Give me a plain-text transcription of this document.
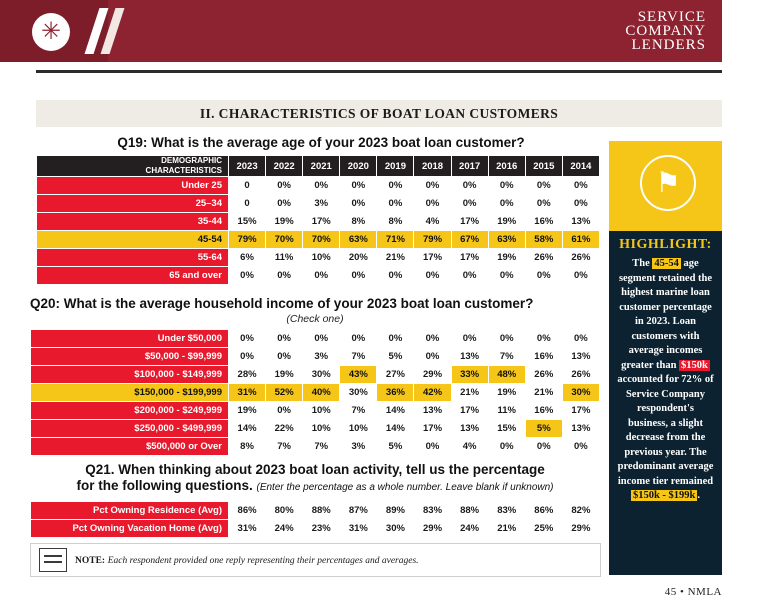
✳
SERVICE
COMPANY
LENDERS
II. CHARACTERISTICS OF BOAT LOAN CUSTOMERS
Q19: What is the average age of your 2023 boat loan customer?
DEMOGRAPHIC
CHARACTERISTICS	2023	2022	2021	2020	2019	2018	2017	2016	2015	2014
Under 25	0	0%	0%	0%	0%	0%	0%	0%	0%	0%
25–34	0	0%	3%	0%	0%	0%	0%	0%	0%	0%
35-44	15%	19%	17%	8%	8%	4%	17%	19%	16%	13%
45-54	79%	70%	70%	63%	71%	79%	67%	63%	58%	61%
55-64	6%	11%	10%	20%	21%	17%	17%	19%	26%	26%
65 and over	0%	0%	0%	0%	0%	0%	0%	0%	0%	0%
Q20: What is the average household income of your 2023 boat loan customer?
(Check one)
Under $50,000	0%	0%	0%	0%	0%	0%	0%	0%	0%	0%
$50,000 - $99,999	0%	0%	3%	7%	5%	0%	13%	7%	16%	13%
$100,000 - $149,999	28%	19%	30%	43%	27%	29%	33%	48%	26%	26%
$150,000 - $199,999	31%	52%	40%	30%	36%	42%	21%	19%	21%	30%
$200,000 - $249,999	19%	0%	10%	7%	14%	13%	17%	11%	16%	17%
$250,000 - $499,999	14%	22%	10%	10%	14%	17%	13%	15%	5%	13%
$500,000 or Over	8%	7%	7%	3%	5%	0%	4%	0%	0%	0%
Q21. When thinking about 2023 boat loan activity, tell us the percentage
for the following questions. (Enter the percentage as a whole number. Leave blank if unknown)
Pct Owning Residence (Avg)	86%	80%	88%	87%	89%	83%	88%	83%	86%	82%
Pct Owning Vacation Home (Avg)	31%	24%	23%	31%	30%	29%	24%	21%	25%	29%
⚑
HIGHLIGHT:
The 45-54 age segment retained the highest marine loan customer percentage in 2023. Loan customers with average incomes greater than $150k accounted for 72% of Service Company respondent's business, a slight decrease from the previous year. The predominant average income tier remained $150k - $199k .
NOTE: Each respondent provided one reply representing their percentages and averages.
45 • NMLA
